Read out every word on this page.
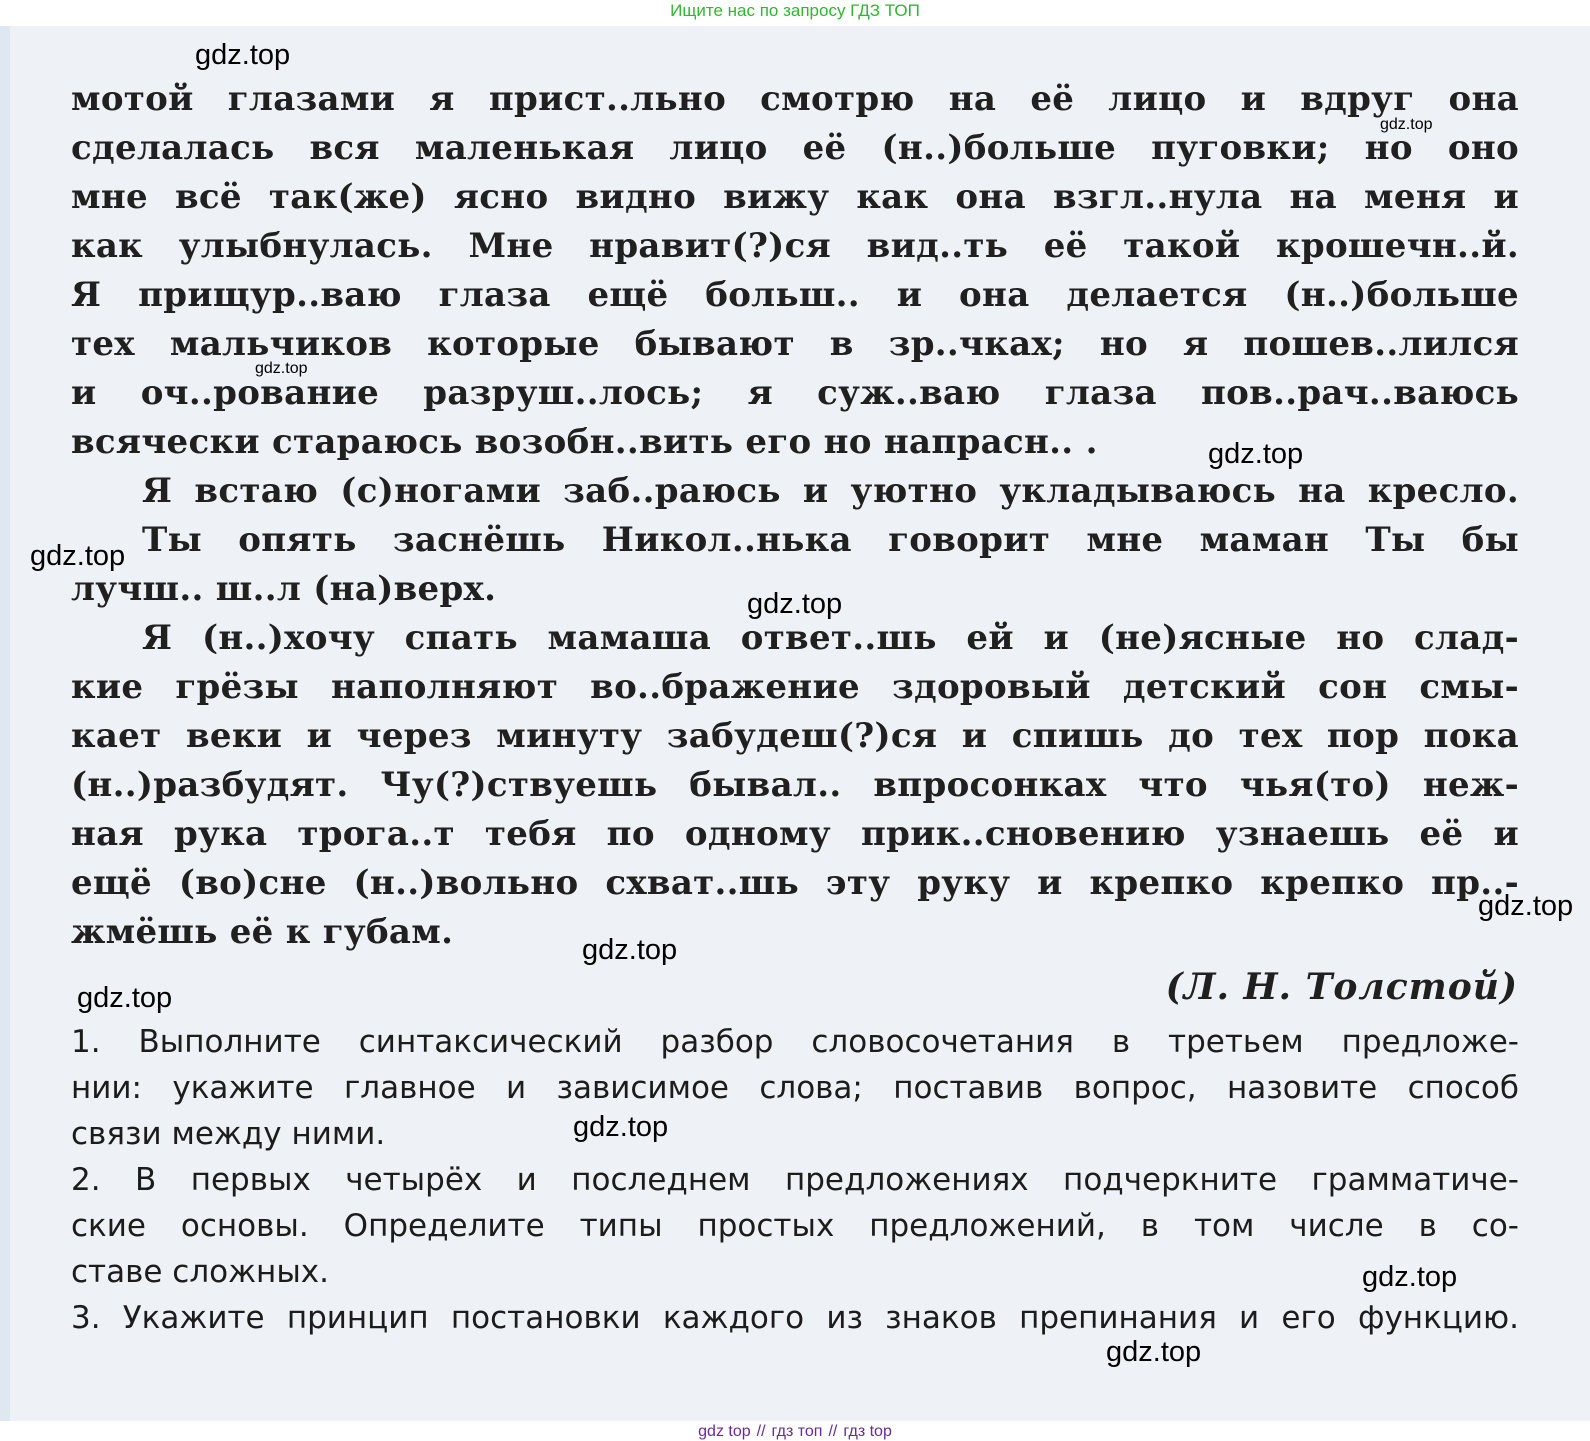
Ищите нас по запросу ГДЗ ТОП
мотой глазами я прист..льно смотрю на её лицо и вдруг она
сделалась вся маленькая лицо её (н..)больше пуговки; но оно
мне всё так(же) ясно видно вижу как она взгл..нула на меня и
как улыбнулась. Мне нравит(?)ся вид..ть её такой крошечн..й.
Я прищур..ваю глаза ещё больш.. и она делается (н..)больше
тех мальчиков которые бывают в зр..чках; но я пошев..лился
и оч..рование разруш..лось; я суж..ваю глаза пов..рач..ваюсь
всячески стараюсь возобн..вить его но напрасн.. .
Я встаю (с)ногами заб..раюсь и уютно укладываюсь на кресло.
Ты опять заснёшь Никол..нька говорит мне маман Ты бы
лучш.. ш..л (на)верх.
Я (н..)хочу спать мамаша ответ..шь ей и (не)ясные но слад-
кие грёзы наполняют во..бражение здоровый детский сон смы-
кает веки и через минуту забудеш(?)ся и спишь до тех пор пока
(н..)разбудят. Чу(?)ствуешь бывал.. впросонках что чья(то) неж-
ная рука трога..т тебя по одному прик..сновению узнаешь её и
ещё (во)сне (н..)вольно схват..шь эту руку и крепко крепко пр..-
жмёшь её к губам.
(Л. Н. Толстой)
1. Выполните синтаксический разбор словосочетания в третьем предложе-
нии: укажите главное и зависимое слова; поставив вопрос, назовите способ
связи между ними.
2. В первых четырёх и последнем предложениях подчеркните грамматиче-
ские основы. Определите типы простых предложений, в том числе в со-
ставе сложных.
3. Укажите принцип постановки каждого из знаков препинания и его функцию.
gdz.top
gdz.top
gdz.top
gdz.top
gdz.top
gdz.top
gdz.top
gdz.top
gdz.top
gdz.top
gdz.top
gdz.top
gdz top // гдз топ // гдз top
